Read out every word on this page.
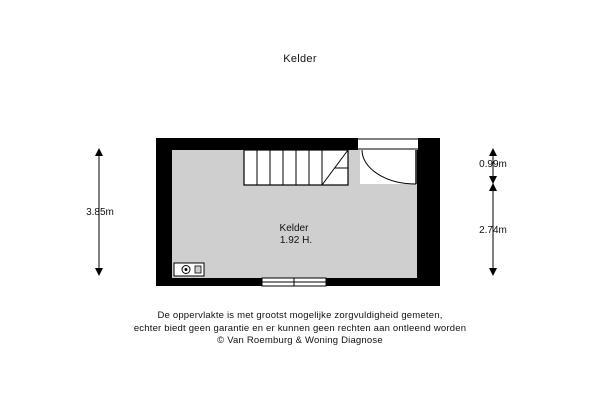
Kelder
Kelder
1.92 H.
3.85m
0.99m
2.74m
De oppervlakte is met grootst mogelijke zorgvuldigheid gemeten,
echter biedt geen garantie en er kunnen geen rechten aan ontleend worden
© Van Roemburg & Woning Diagnose
